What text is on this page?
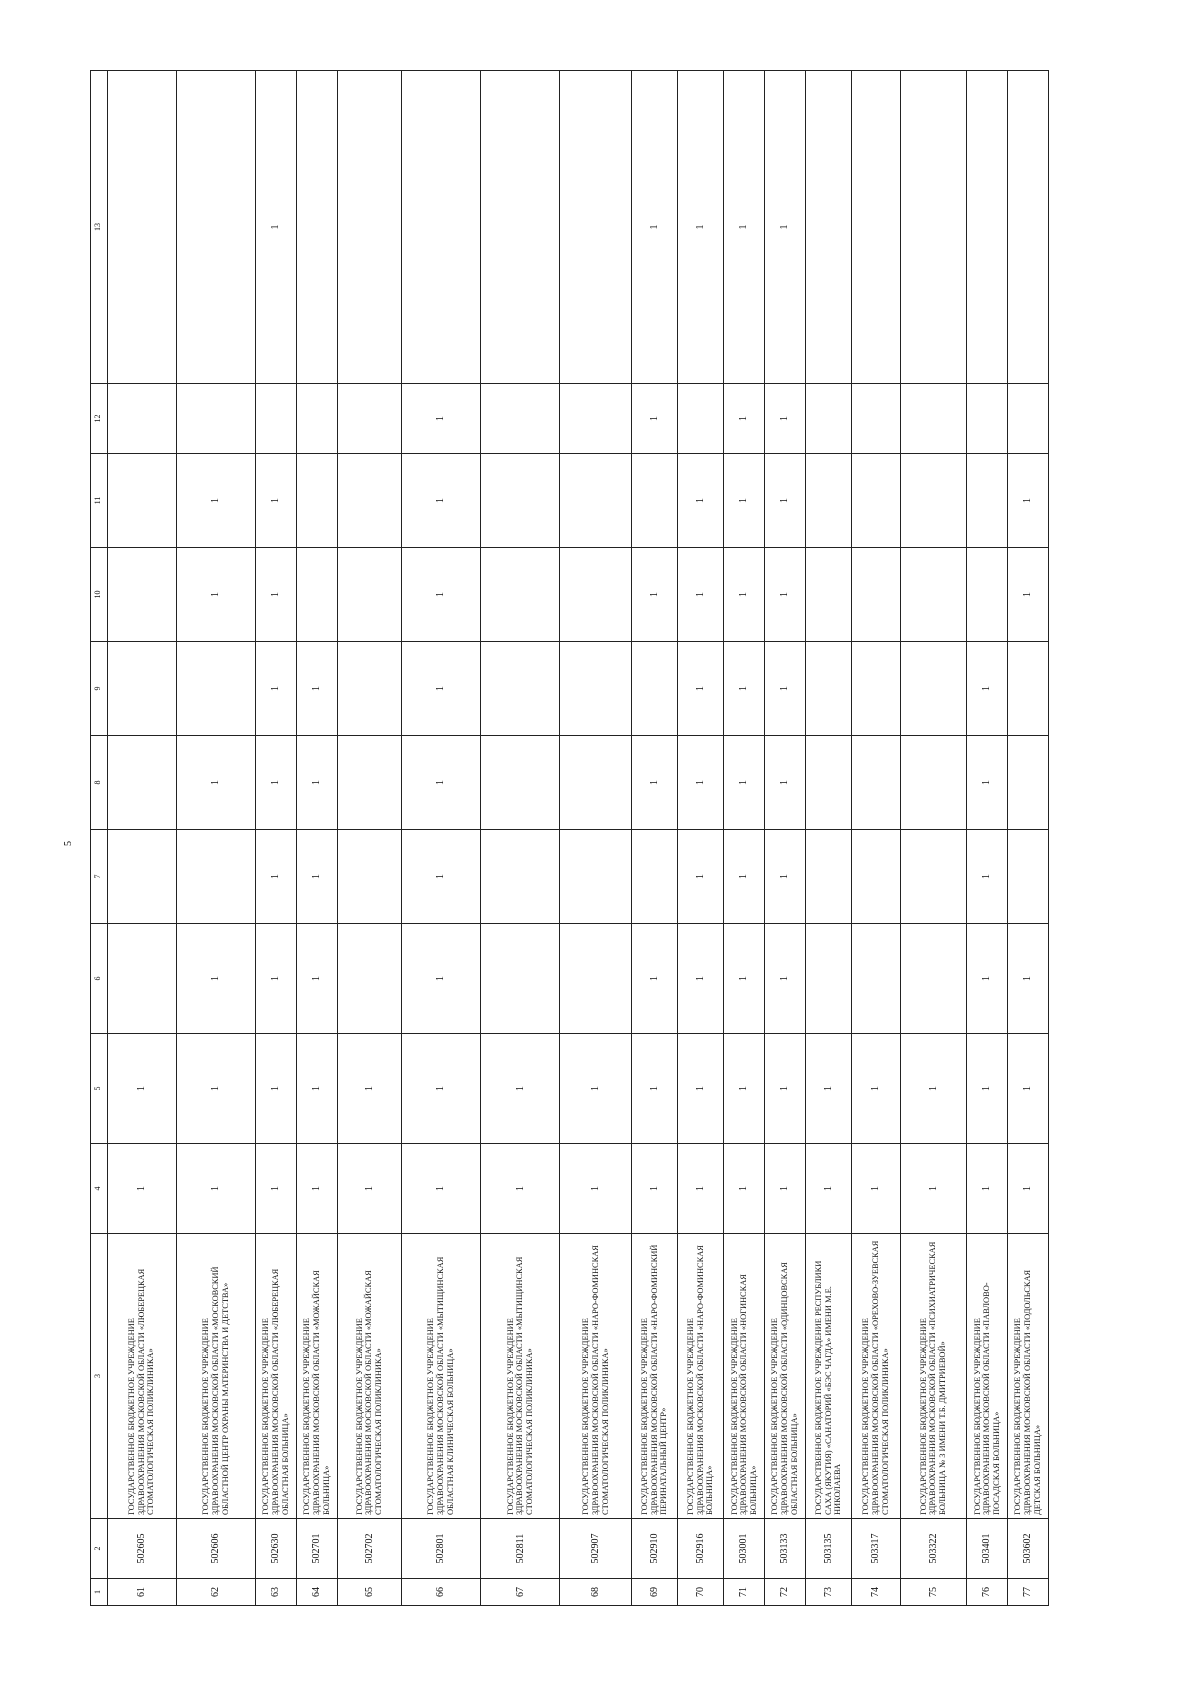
5
1	2	3	4	5	6	7	8	9	10	11	12	13
61	502605	ГОСУДАРСТВЕННОЕ БЮДЖЕТНОЕ УЧРЕЖДЕНИЕ ЗДРАВООХРАНЕНИЯ МОСКОВСКОЙ ОБЛАСТИ «ЛЮБЕРЕЦКАЯ СТОМАТОЛОГИЧЕСКАЯ ПОЛИКЛИНИКА»	1	1								
62	502606	ГОСУДАРСТВЕННОЕ БЮДЖЕТНОЕ УЧРЕЖДЕНИЕ ЗДРАВООХРАНЕНИЯ МОСКОВСКОЙ ОБЛАСТИ «МОСКОВСКИЙ ОБЛАСТНОЙ ЦЕНТР ОХРАНЫ МАТЕРИНСТВА И ДЕТСТВА»	1	1	1		1		1	1		
63	502630	ГОСУДАРСТВЕННОЕ БЮДЖЕТНОЕ УЧРЕЖДЕНИЕ ЗДРАВООХРАНЕНИЯ МОСКОВСКОЙ ОБЛАСТИ «ЛЮБЕРЕЦКАЯ ОБЛАСТНАЯ БОЛЬНИЦА»	1	1	1	1	1	1	1	1		1
64	502701	ГОСУДАРСТВЕННОЕ БЮДЖЕТНОЕ УЧРЕЖДЕНИЕ ЗДРАВООХРАНЕНИЯ МОСКОВСКОЙ ОБЛАСТИ «МОЖАЙСКАЯ БОЛЬНИЦА»	1	1	1	1	1	1				
65	502702	ГОСУДАРСТВЕННОЕ БЮДЖЕТНОЕ УЧРЕЖДЕНИЕ ЗДРАВООХРАНЕНИЯ МОСКОВСКОЙ ОБЛАСТИ «МОЖАЙСКАЯ СТОМАТОЛОГИЧЕСКАЯ ПОЛИКЛИНИКА»	1	1								
66	502801	ГОСУДАРСТВЕННОЕ БЮДЖЕТНОЕ УЧРЕЖДЕНИЕ ЗДРАВООХРАНЕНИЯ МОСКОВСКОЙ ОБЛАСТИ «МЫТИЩИНСКАЯ ОБЛАСТНАЯ КЛИНИЧЕСКАЯ БОЛЬНИЦА»	1	1	1	1	1	1	1	1	1	
67	502811	ГОСУДАРСТВЕННОЕ БЮДЖЕТНОЕ УЧРЕЖДЕНИЕ ЗДРАВООХРАНЕНИЯ МОСКОВСКОЙ ОБЛАСТИ «МЫТИЩИНСКАЯ СТОМАТОЛОГИЧЕСКАЯ ПОЛИКЛИНИКА»	1	1								
68	502907	ГОСУДАРСТВЕННОЕ БЮДЖЕТНОЕ УЧРЕЖДЕНИЕ ЗДРАВООХРАНЕНИЯ МОСКОВСКОЙ ОБЛАСТИ «НАРО-ФОМИНСКАЯ СТОМАТОЛОГИЧЕСКАЯ ПОЛИКЛИНИКА»	1	1								
69	502910	ГОСУДАРСТВЕННОЕ БЮДЖЕТНОЕ УЧРЕЖДЕНИЕ ЗДРАВООХРАНЕНИЯ МОСКОВСКОЙ ОБЛАСТИ «НАРО-ФОМИНСКИЙ ПЕРИНАТАЛЬНЫЙ ЦЕНТР»	1	1	1		1		1		1	1
70	502916	ГОСУДАРСТВЕННОЕ БЮДЖЕТНОЕ УЧРЕЖДЕНИЕ ЗДРАВООХРАНЕНИЯ МОСКОВСКОЙ ОБЛАСТИ «НАРО-ФОМИНСКАЯ БОЛЬНИЦА»	1	1	1	1	1	1	1	1		1
71	503001	ГОСУДАРСТВЕННОЕ БЮДЖЕТНОЕ УЧРЕЖДЕНИЕ ЗДРАВООХРАНЕНИЯ МОСКОВСКОЙ ОБЛАСТИ «НОГИНСКАЯ БОЛЬНИЦА»	1	1	1	1	1	1	1	1	1	1
72	503133	ГОСУДАРСТВЕННОЕ БЮДЖЕТНОЕ УЧРЕЖДЕНИЕ ЗДРАВООХРАНЕНИЯ МОСКОВСКОЙ ОБЛАСТИ «ОДИНЦОВСКАЯ ОБЛАСТНАЯ БОЛЬНИЦА»	1	1	1	1	1	1	1	1	1	1
73	503135	ГОСУДАРСТВЕННОЕ БЮДЖЕТНОЕ УЧРЕЖДЕНИЕ РЕСПУБЛИКИ САХА (ЯКУТИЯ) «САНАТОРИЙ «БЭС ЧАГДА» ИМЕНИ М.Е. НИКОЛАЕВА	1	1								
74	503317	ГОСУДАРСТВЕННОЕ БЮДЖЕТНОЕ УЧРЕЖДЕНИЕ ЗДРАВООХРАНЕНИЯ МОСКОВСКОЙ ОБЛАСТИ «ОРЕХОВО-ЗУЕВСКАЯ СТОМАТОЛОГИЧЕСКАЯ ПОЛИКЛИНИКА»	1	1								
75	503322	ГОСУДАРСТВЕННОЕ БЮДЖЕТНОЕ УЧРЕЖДЕНИЕ ЗДРАВООХРАНЕНИЯ МОСКОВСКОЙ ОБЛАСТИ «ПСИХИАТРИЧЕСКАЯ БОЛЬНИЦА № 3 ИМЕНИ Т.Б. ДМИТРИЕВОЙ»	1	1								
76	503401	ГОСУДАРСТВЕННОЕ БЮДЖЕТНОЕ УЧРЕЖДЕНИЕ ЗДРАВООХРАНЕНИЯ МОСКОВСКОЙ ОБЛАСТИ «ПАВЛОВО-ПОСАДСКАЯ БОЛЬНИЦА»	1	1	1	1	1	1				
77	503602	ГОСУДАРСТВЕННОЕ БЮДЖЕТНОЕ УЧРЕЖДЕНИЕ ЗДРАВООХРАНЕНИЯ МОСКОВСКОЙ ОБЛАСТИ «ПОДОЛЬСКАЯ ДЕТСКАЯ БОЛЬНИЦА»	1	1	1				1	1		
